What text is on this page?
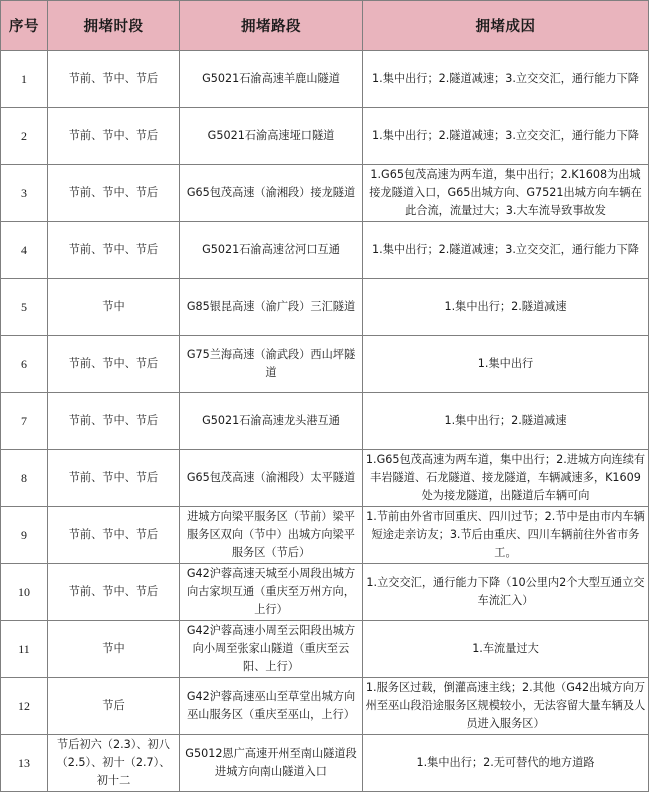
序号	拥堵时段	拥堵路段	拥堵成因
1	节前、节中、节后	G5021石渝高速羊鹿山隧道	1.集中出行；2.隧道减速；3.立交交汇，通行能力下降
2	节前、节中、节后	G5021石渝高速垭口隧道	1.集中出行；2.隧道减速；3.立交交汇，通行能力下降
3	节前、节中、节后	G65包茂高速（渝湘段）接龙隧道	1.G65包茂高速为两车道，集中出行；2.K1608为出城接龙隧道入口，G65出城方向、G7521出城方向车辆在此合流，流量过大；3.大车流导致事故发
4	节前、节中、节后	G5021石渝高速岔河口互通	1.集中出行；2.隧道减速；3.立交交汇，通行能力下降
5	节中	G85银昆高速（渝广段）三汇隧道	1.集中出行；2.隧道减速
6	节前、节中、节后	G75兰海高速（渝武段）西山坪隧道	1.集中出行
7	节前、节中、节后	G5021石渝高速龙头港互通	1.集中出行；2.隧道减速
8	节前、节中、节后	G65包茂高速（渝湘段）太平隧道	1.G65包茂高速为两车道，集中出行；2.进城方向连续有丰岩隧道、石龙隧道、接龙隧道，车辆减速多，K1609处为接龙隧道，出隧道后车辆可向
9	节前、节中、节后	进城方向梁平服务区（节前）梁平服务区双向（节中）出城方向梁平服务区（节后）	1.节前由外省市回重庆、四川过节；2.节中是由市内车辆短途走亲访友；3.节后由重庆、四川车辆前往外省市务工。
10	节前、节中、节后	G42沪蓉高速天城至小周段出城方向古家坝互通（重庆至万州方向，上行）	1.立交交汇，通行能力下降（10公里内2个大型互通立交车流汇入）
11	节中	G42沪蓉高速小周至云阳段出城方向小周至张家山隧道（重庆至云阳、上行）	1.车流量过大
12	节后	G42沪蓉高速巫山至草堂出城方向巫山服务区（重庆至巫山，上行）	1.服务区过载，倒灌高速主线；2.其他（G42出城方向万州至巫山段沿途服务区规模较小，无法容留大量车辆及人员进入服务区）
13	节后初六（2.3）、初八（2.5）、初十（2.7）、初十二	G5012恩广高速开州至南山隧道段进城方向南山隧道入口	1.集中出行；2.无可替代的地方道路
